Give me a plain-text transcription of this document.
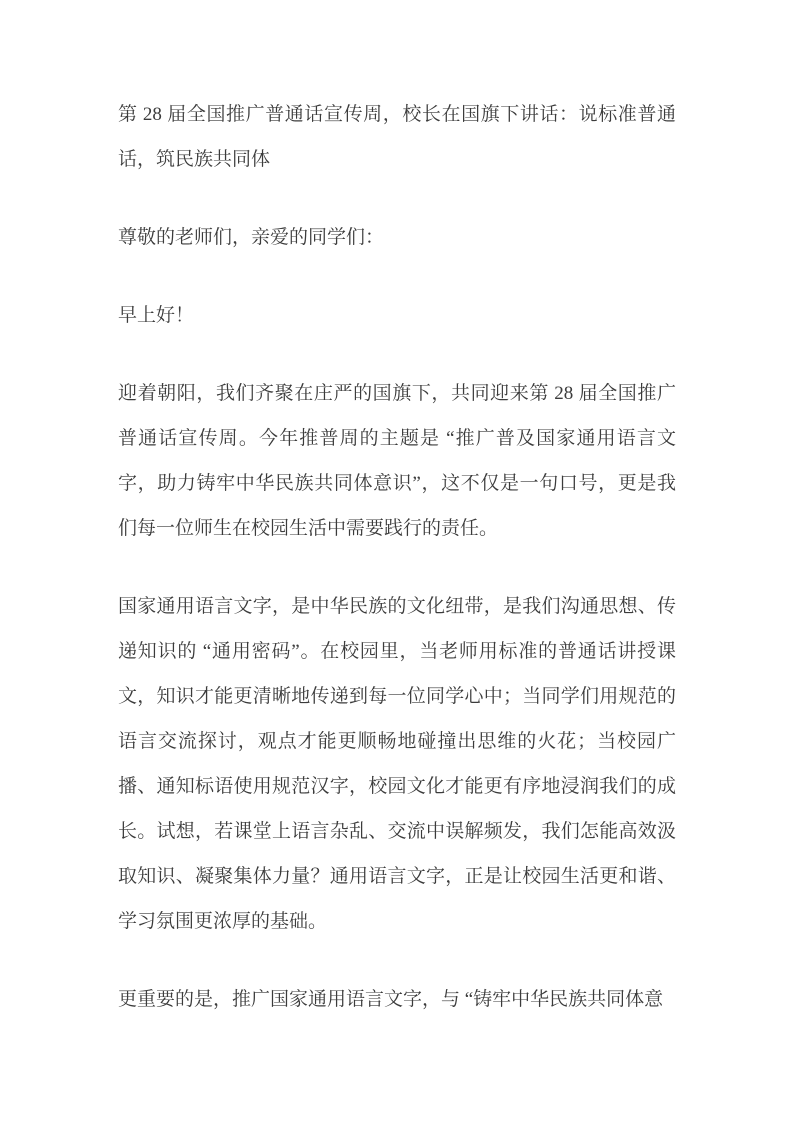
第 28 届全国推广普通话宣传周，校长在国旗下讲话：说标准普通话，筑民族共同体

尊敬的老师们，亲爱的同学们：

早上好！

迎着朝阳，我们齐聚在庄严的国旗下，共同迎来第 28 届全国推广普通话宣传周。今年推普周的主题是 “推广普及国家通用语言文字，助力铸牢中华民族共同体意识”，这不仅是一句口号，更是我们每一位师生在校园生活中需要践行的责任。

国家通用语言文字，是中华民族的文化纽带，是我们沟通思想、传递知识的 “通用密码”。在校园里，当老师用标准的普通话讲授课文，知识才能更清晰地传递到每一位同学心中；当同学们用规范的语言交流探讨，观点才能更顺畅地碰撞出思维的火花；当校园广播、通知标语使用规范汉字，校园文化才能更有序地浸润我们的成长。试想，若课堂上语言杂乱、交流中误解频发，我们怎能高效汲取知识、凝聚集体力量？通用语言文字，正是让校园生活更和谐、学习氛围更浓厚的基础。

更重要的是，推广国家通用语言文字，与 “铸牢中华民族共同体意
